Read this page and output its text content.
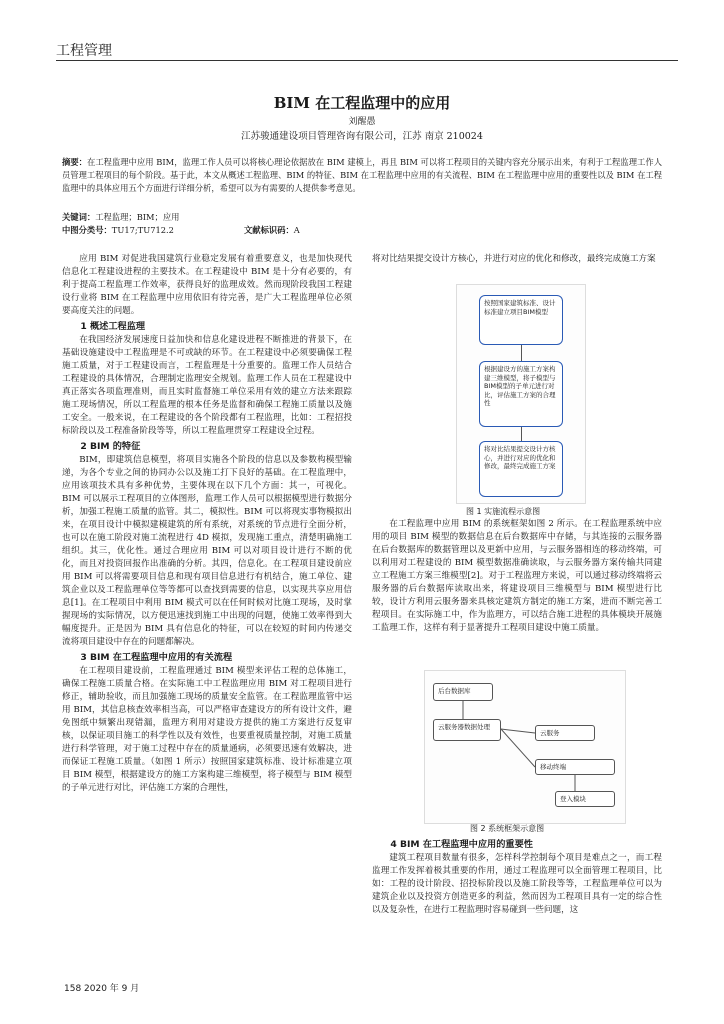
工程管理
BIM 在工程监理中的应用
刘醒愚
江苏骏通建设项目管理咨询有限公司，江苏 南京 210024
摘要：在工程监理中应用 BIM，监理工作人员可以将核心理论依据放在 BIM 建模上，再且 BIM 可以将工程项目的关键内容充分展示出来，有利于工程监理工作人员管理工程项目的每个阶段。基于此，本文从概述工程监理、BIM 的特征、BIM 在工程监理中应用的有关流程、BIM 在工程监理中应用的重要性以及 BIM 在工程监理中的具体应用五个方面进行详细分析，希望可以为有需要的人提供参考意见。
关键词：工程监理；BIM；应用
中图分类号：TU17;TU712.2	文献标识码：A

应用 BIM 对促进我国建筑行业稳定发展有着重要意义，也是加快现代信息化工程建设进程的主要技术。在工程建设中 BIM 是十分有必要的，有利于提高工程监理工作效率，获得良好的监理成效。然而现阶段我国工程建设行业将 BIM 在工程监理中应用依旧有待完善，是广大工程监理单位必须要高度关注的问题。

1 概述工程监理

在我国经济发展速度日益加快和信息化建设进程不断推进的背景下，在基础设施建设中工程监理是不可或缺的环节。在工程建设中必须要确保工程施工质量，对于工程建设而言，工程监理是十分重要的。监理工作人员结合工程建设的具体情况，合理制定监理安全规划。监理工作人员在工程建设中真正落实各项监理准则，而且实时监督施工单位采用有效的建立方法来跟踪施工现场情况，所以工程监理的根本任务是监督和确保工程施工质量以及施工安全。一般来说，在工程建设的各个阶段都有工程监理，比如：工程招投标阶段以及工程准备阶段等等，所以工程监理贯穿工程建设全过程。

2 BIM 的特征

BIM，即建筑信息模型，将项目实施各个阶段的信息以及参数构模型输递，为各个专业之间的协同办公以及施工打下良好的基础。在工程监理中，应用该项技术具有多种优势，主要体现在以下几个方面：其一，可视化。BIM 可以展示工程项目的立体图形，监理工作人员可以根据模型进行数据分析，加强工程施工质量的监管。其二，模拟性。BIM 可以将现实事物模拟出来，在项目设计中模拟建模建筑的所有系统，对系统的节点进行全面分析，也可以在施工阶段对施工流程进行 4D 模拟，发现施工重点，清楚明确施工组织。其三，优化性。通过合理应用 BIM 可以对项目设计进行不断的优化，而且对投资回报作出准确的分析。其四，信息化。在工程项目建设前应用 BIM 可以将需要项目信息和现有项目信息进行有机结合，施工单位、建筑企业以及工程监理单位等等都可以查找到需要的信息，以实现共享应用信息[1]。在工程项目中利用 BIM 模式可以在任何时候对比施工现场，及时掌握现场的实际情况，以方便迅速找到施工中出现的问题，使施工效率得到大幅度提升。正是因为 BIM 具有信息化的特征，可以在较短的时间内传递交流将项目建设中存在的问题都解决。

3 BIM 在工程监理中应用的有关流程

在工程项目建设前，工程监理通过 BIM 模型来评估工程的总体施工，确保工程施工质量合格。在实际施工中工程监理应用 BIM 对工程项目进行修正，辅助验收，而且加强施工现场的质量安全监管。在工程监理监管中运用 BIM，其信息核查效率相当高，可以严格审查建设方的所有设计文件，避免图纸中频繁出现错漏，监理方利用对建设方提供的施工方案进行反复审核，以保证项目施工的科学性以及有效性，也要重视质量控制，对施工质量进行科学管理，对于施工过程中存在的质量通病，必须要迅速有效解决，进而保证工程施工质量。（如图 1 所示）按照国家建筑标准、设计标准建立项目 BIM 模型，根据建设方的施工方案构建三维模型，将子模型与 BIM 模型的子单元进行对比，评估施工方案的合理性，

将对比结果提交设计方核心，并进行对应的优化和修改，最终完成施工方案

按照国家建筑标准、设计标准建立项目BIM模型
根据建设方的施工方案构建三维模型，将子模型与BIM模型的子单元进行对比，评估施工方案的合理性
将对比结果提交设计方核心，并进行对应的优化和修改，最终完成施工方案
图 1 实施流程示意图

在工程监理中应用 BIM 的系统框架如图 2 所示。在工程监理系统中应用的项目 BIM 模型的数据信息在后台数据库中存储，与其连接的云服务器在后台数据库的数据管理以及更新中应用，与云服务器相连的移动终端，可以利用对工程建设的 BIM 模型数据准确读取，与云服务器方案传输共同建立工程施工方案三维模型[2]。对于工程监理方来说，可以通过移动终端将云服务器的后台数据库读取出来，将建设项目三维模型与 BIM 模型进行比较，设计方利用云服务器来具核定建筑方制定的施工方案，进而不断完善工程项目。在实际施工中，作为监理方，可以结合施工进程的具体模块开展施工监理工作，这样有利于显著提升工程项目建设中施工质量。

后台数据库
云服务器数据处理
云服务
移动终端
登入模块
图 2 系统框架示意图
4 BIM 在工程监理中应用的重要性

建筑工程项目数量有很多，怎样科学控制每个项目是难点之一，而工程监理工作发挥着极其重要的作用，通过工程监理可以全面管理工程项目，比如：工程的设计阶段、招投标阶段以及施工阶段等等，工程监理单位可以为建筑企业以及投资方创造更多的利益，然而因为工程项目具有一定的综合性以及复杂性，在进行工程监理时容易碰到一些问题，这

158 2020 年 9 月
